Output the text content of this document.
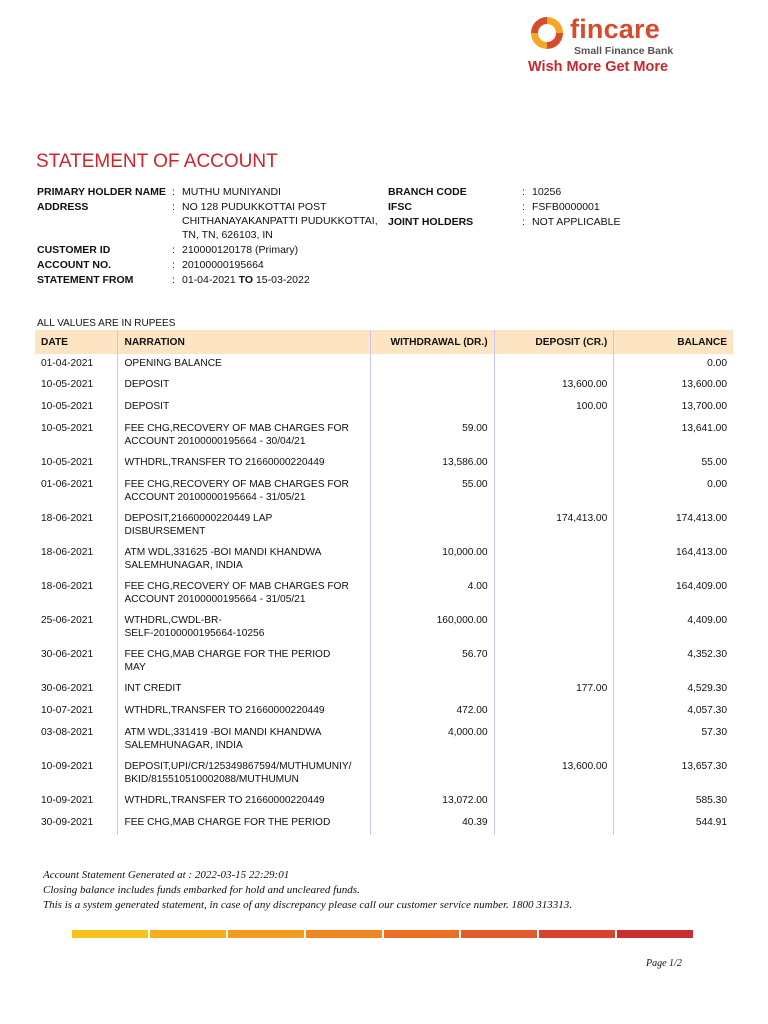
fincare
Small Finance Bank
Wish More Get More
STATEMENT OF ACCOUNT
PRIMARY HOLDER NAME : MUTHU MUNIYANDI
ADDRESS	: NO 128 PUDUKKOTTAI POST
CHITHANAYAKANPATTI PUDUKKOTTAI,
TN, TN, 626103, IN
CUSTOMER ID	: 210000120178 (Primary)
ACCOUNT NO.	: 20100000195664
STATEMENT FROM	: 01-04-2021 TO 15-03-2022
BRANCH CODE	: 10256
IFSC	: FSFB0000001
JOINT HOLDERS	: NOT APPLICABLE
ALL VALUES ARE IN RUPEES
DATE	NARRATION	WITHDRAWAL (DR.)	DEPOSIT (CR.)	BALANCE
01-04-2021	OPENING BALANCE			0.00
10-05-2021	DEPOSIT		13,600.00	13,600.00
10-05-2021	DEPOSIT		100.00	13,700.00
10-05-2021	FEE CHG,RECOVERY OF MAB CHARGES FOR
ACCOUNT 20100000195664 - 30/04/21	59.00		13,641.00
10-05-2021	WTHDRL,TRANSFER TO 21660000220449	13,586.00		55.00
01-06-2021	FEE CHG,RECOVERY OF MAB CHARGES FOR
ACCOUNT 20100000195664 - 31/05/21	55.00		0.00
18-06-2021	DEPOSIT,21660000220449 LAP
DISBURSEMENT		174,413.00	174,413.00
18-06-2021	ATM WDL,331625 -BOI MANDI KHANDWA
SALEMHUNAGAR, INDIA	10,000.00		164,413.00
18-06-2021	FEE CHG,RECOVERY OF MAB CHARGES FOR
ACCOUNT 20100000195664 - 31/05/21	4.00		164,409.00
25-06-2021	WTHDRL,CWDL-BR-
SELF-20100000195664-10256	160,000.00		4,409.00
30-06-2021	FEE CHG,MAB CHARGE FOR THE PERIOD
MAY	56.70		4,352.30
30-06-2021	INT CREDIT		177.00	4,529.30
10-07-2021	WTHDRL,TRANSFER TO 21660000220449	472.00		4,057.30
03-08-2021	ATM WDL,331419 -BOI MANDI KHANDWA
SALEMHUNAGAR, INDIA	4,000.00		57.30
10-09-2021	DEPOSIT,UPI/CR/125349867594/MUTHUMUNIY/
BKID/815510510002088/MUTHUMUN		13,600.00	13,657.30
10-09-2021	WTHDRL,TRANSFER TO 21660000220449	13,072.00		585.30
30-09-2021	FEE CHG,MAB CHARGE FOR THE PERIOD	40.39		544.91
Account Statement Generated at : 2022-03-15 22:29:01
Closing balance includes funds embarked for hold and uncleared funds.
This is a system generated statement, in case of any discrepancy please call our customer service number. 1800 313313.
Page 1/2
